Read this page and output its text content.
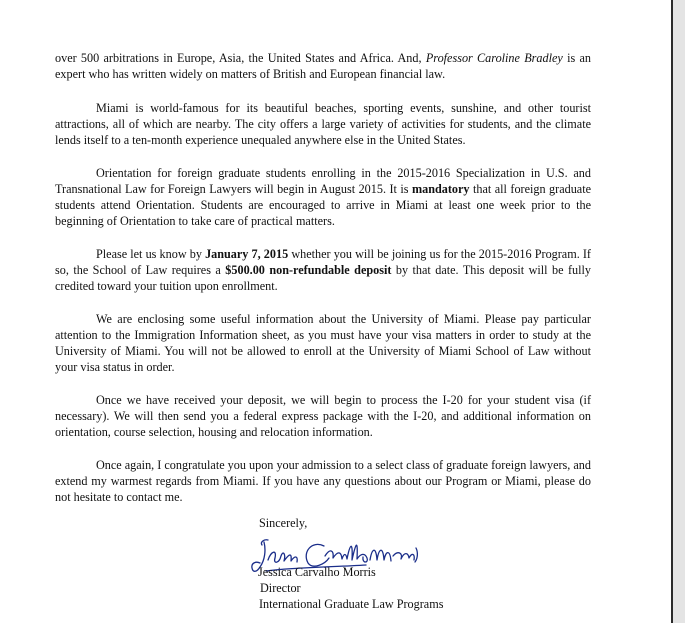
over 500 arbitrations in Europe, Asia, the United States and Africa. And, Professor Caroline Bradley is an expert who has written widely on matters of British and European financial law.

Miami is world-famous for its beautiful beaches, sporting events, sunshine, and other tourist attractions, all of which are nearby. The city offers a large variety of activities for students, and the climate lends itself to a ten-month experience unequaled anywhere else in the United States.

Orientation for foreign graduate students enrolling in the 2015-2016 Specialization in U.S. and Transnational Law for Foreign Lawyers will begin in August 2015. It is mandatory that all foreign graduate students attend Orientation. Students are encouraged to arrive in Miami at least one week prior to the beginning of Orientation to take care of practical matters.

Please let us know by January 7, 2015 whether you will be joining us for the 2015-2016 Program. If so, the School of Law requires a $500.00 non-refundable deposit by that date. This deposit will be fully credited toward your tuition upon enrollment.

We are enclosing some useful information about the University of Miami. Please pay particular attention to the Immigration Information sheet, as you must have your visa matters in order to study at the University of Miami. You will not be allowed to enroll at the University of Miami School of Law without your visa status in order.

Once we have received your deposit, we will begin to process the I-20 for your student visa (if necessary). We will then send you a federal express package with the I-20, and additional information on orientation, course selection, housing and relocation information.

Once again, I congratulate you upon your admission to a select class of graduate foreign lawyers, and extend my warmest regards from Miami. If you have any questions about our Program or Miami, please do not hesitate to contact me.

Sincerely,
Jessica Carvalho Morris
Director
International Graduate Law Programs
